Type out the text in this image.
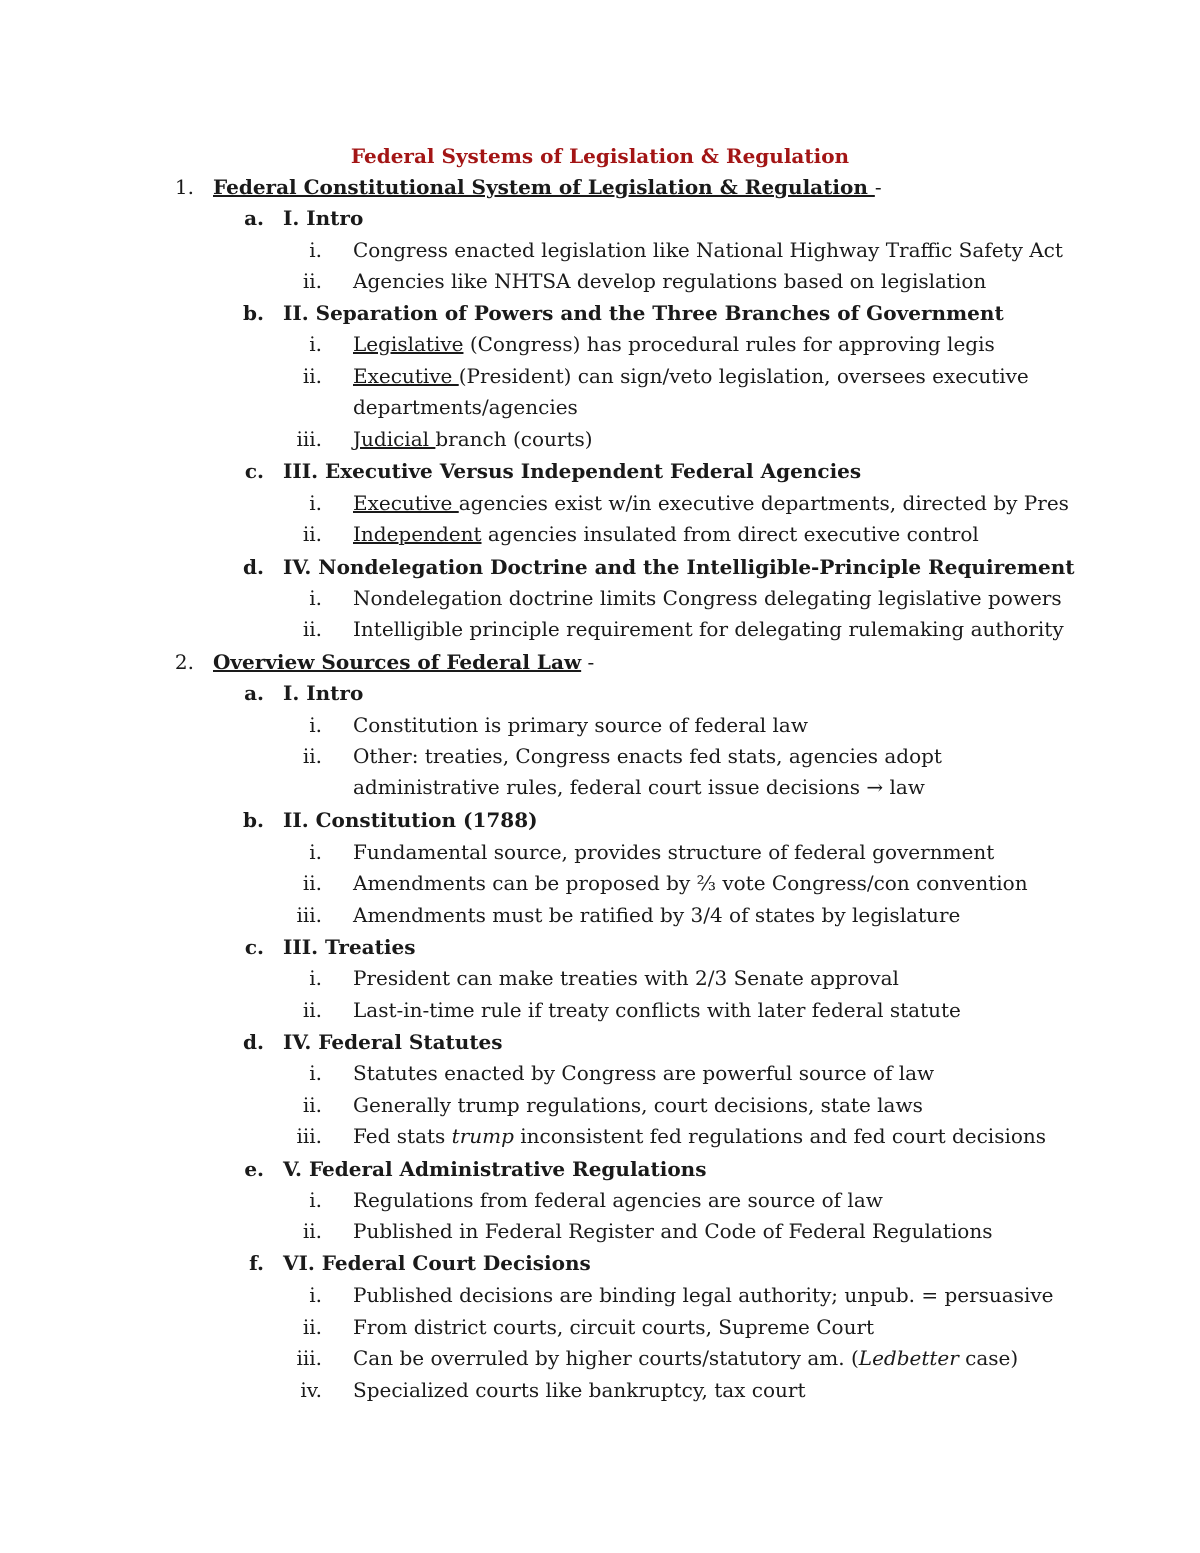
Federal Systems of Legislation & Regulation
1. Federal Constitutional System of Legislation & Regulation -
a. I. Intro
i. Congress enacted legislation like National Highway Traffic Safety Act
ii. Agencies like NHTSA develop regulations based on legislation
b. II. Separation of Powers and the Three Branches of Government
i. Legislative (Congress) has procedural rules for approving legis
ii. Executive (President) can sign/veto legislation, oversees executive
departments/agencies
iii. Judicial branch (courts)
c. III. Executive Versus Independent Federal Agencies
i. Executive agencies exist w/in executive departments, directed by Pres
ii. Independent agencies insulated from direct executive control
d. IV. Nondelegation Doctrine and the Intelligible-Principle Requirement
i. Nondelegation doctrine limits Congress delegating legislative powers
ii. Intelligible principle requirement for delegating rulemaking authority
2. Overview Sources of Federal Law -
a. I. Intro
i. Constitution is primary source of federal law
ii. Other: treaties, Congress enacts fed stats, agencies adopt
administrative rules, federal court issue decisions → law
b. II. Constitution (1788)
i. Fundamental source, provides structure of federal government
ii. Amendments can be proposed by ⅔ vote Congress/con convention
iii. Amendments must be ratified by 3/4 of states by legislature
c. III. Treaties
i. President can make treaties with 2/3 Senate approval
ii. Last-in-time rule if treaty conflicts with later federal statute
d. IV. Federal Statutes
i. Statutes enacted by Congress are powerful source of law
ii. Generally trump regulations, court decisions, state laws
iii. Fed stats trump inconsistent fed regulations and fed court decisions
e. V. Federal Administrative Regulations
i. Regulations from federal agencies are source of law
ii. Published in Federal Register and Code of Federal Regulations
f. VI. Federal Court Decisions
i. Published decisions are binding legal authority; unpub. = persuasive
ii. From district courts, circuit courts, Supreme Court
iii. Can be overruled by higher courts/statutory am. (Ledbetter case)
iv. Specialized courts like bankruptcy, tax court
